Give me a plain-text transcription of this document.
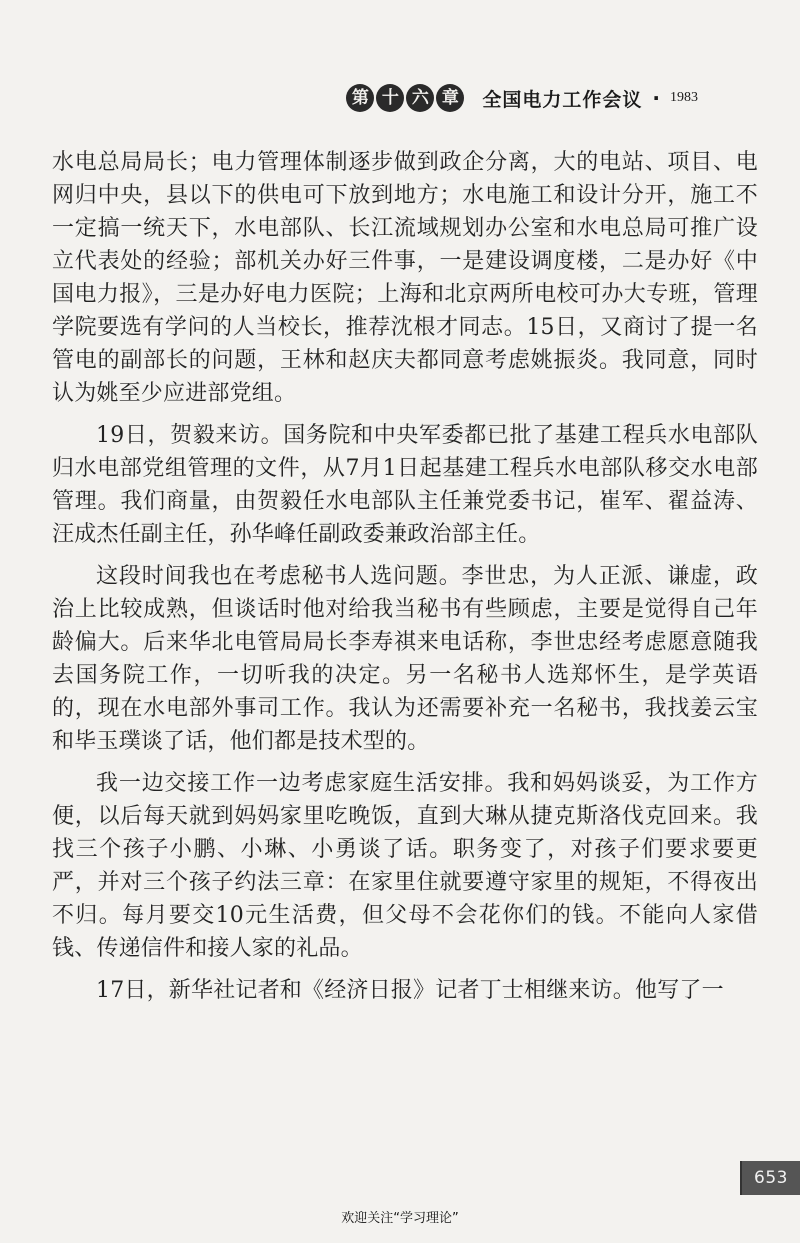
第 十 六 章 全国电力工作会议 · 1983

水电总局局长；电力管理体制逐步做到政企分离，大的电站、项目、电网归中央，县以下的供电可下放到地方；水电施工和设计分开，施工不一定搞一统天下，水电部队、长江流域规划办公室和水电总局可推广设立代表处的经验；部机关办好三件事，一是建设调度楼，二是办好《中国电力报》，三是办好电力医院；上海和北京两所电校可办大专班，管理学院要选有学问的人当校长，推荐沈根才同志。15日，又商讨了提一名管电的副部长的问题，王林和赵庆夫都同意考虑姚振炎。我同意，同时认为姚至少应进部党组。

19日，贺毅来访。国务院和中央军委都已批了基建工程兵水电部队归水电部党组管理的文件，从7月1日起基建工程兵水电部队移交水电部管理。我们商量，由贺毅任水电部队主任兼党委书记，崔军、翟益涛、汪成杰任副主任，孙华峰任副政委兼政治部主任。

这段时间我也在考虑秘书人选问题。李世忠，为人正派、谦虚，政治上比较成熟，但谈话时他对给我当秘书有些顾虑，主要是觉得自己年龄偏大。后来华北电管局局长李寿祺来电话称，李世忠经考虑愿意随我去国务院工作，一切听我的决定。另一名秘书人选郑怀生，是学英语的，现在水电部外事司工作。我认为还需要补充一名秘书，我找姜云宝和毕玉璞谈了话，他们都是技术型的。

我一边交接工作一边考虑家庭生活安排。我和妈妈谈妥，为工作方便，以后每天就到妈妈家里吃晚饭，直到大琳从捷克斯洛伐克回来。我找三个孩子小鹏、小琳、小勇谈了话。职务变了，对孩子们要求要更严，并对三个孩子约法三章：在家里住就要遵守家里的规矩，不得夜出不归。每月要交10元生活费，但父母不会花你们的钱。不能向人家借钱、传递信件和接人家的礼品。

17日，新华社记者和《经济日报》记者丁士相继来访。他写了一

653
欢迎关注“学习理论”
